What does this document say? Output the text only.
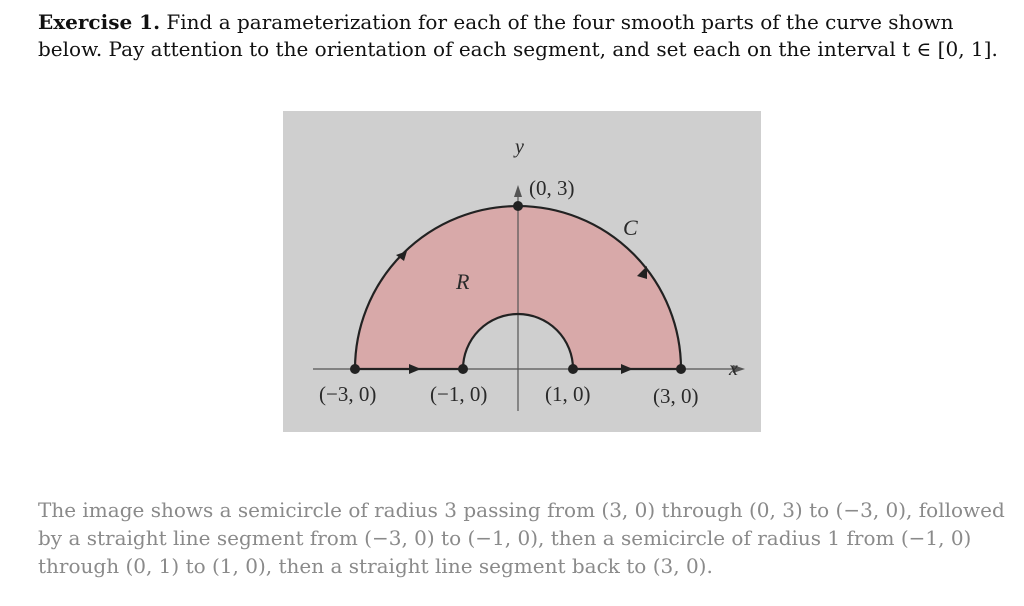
Exercise 1. Find a parameterization for each of the four smooth parts of the curve shown below. Pay attention to the orientation of each segment, and set each on the interval t ∈ [0, 1].
y
x
(0, 3)
C
R
(−3, 0)	(−1, 0)	(1, 0)	(3, 0)
The image shows a semicircle of radius 3 passing from (3, 0) through (0, 3) to (−3, 0), followed by a straight line segment from (−3, 0) to (−1, 0), then a semicircle of radius 1 from (−1, 0) through (0, 1) to (1, 0), then a straight line segment back to (3, 0).
